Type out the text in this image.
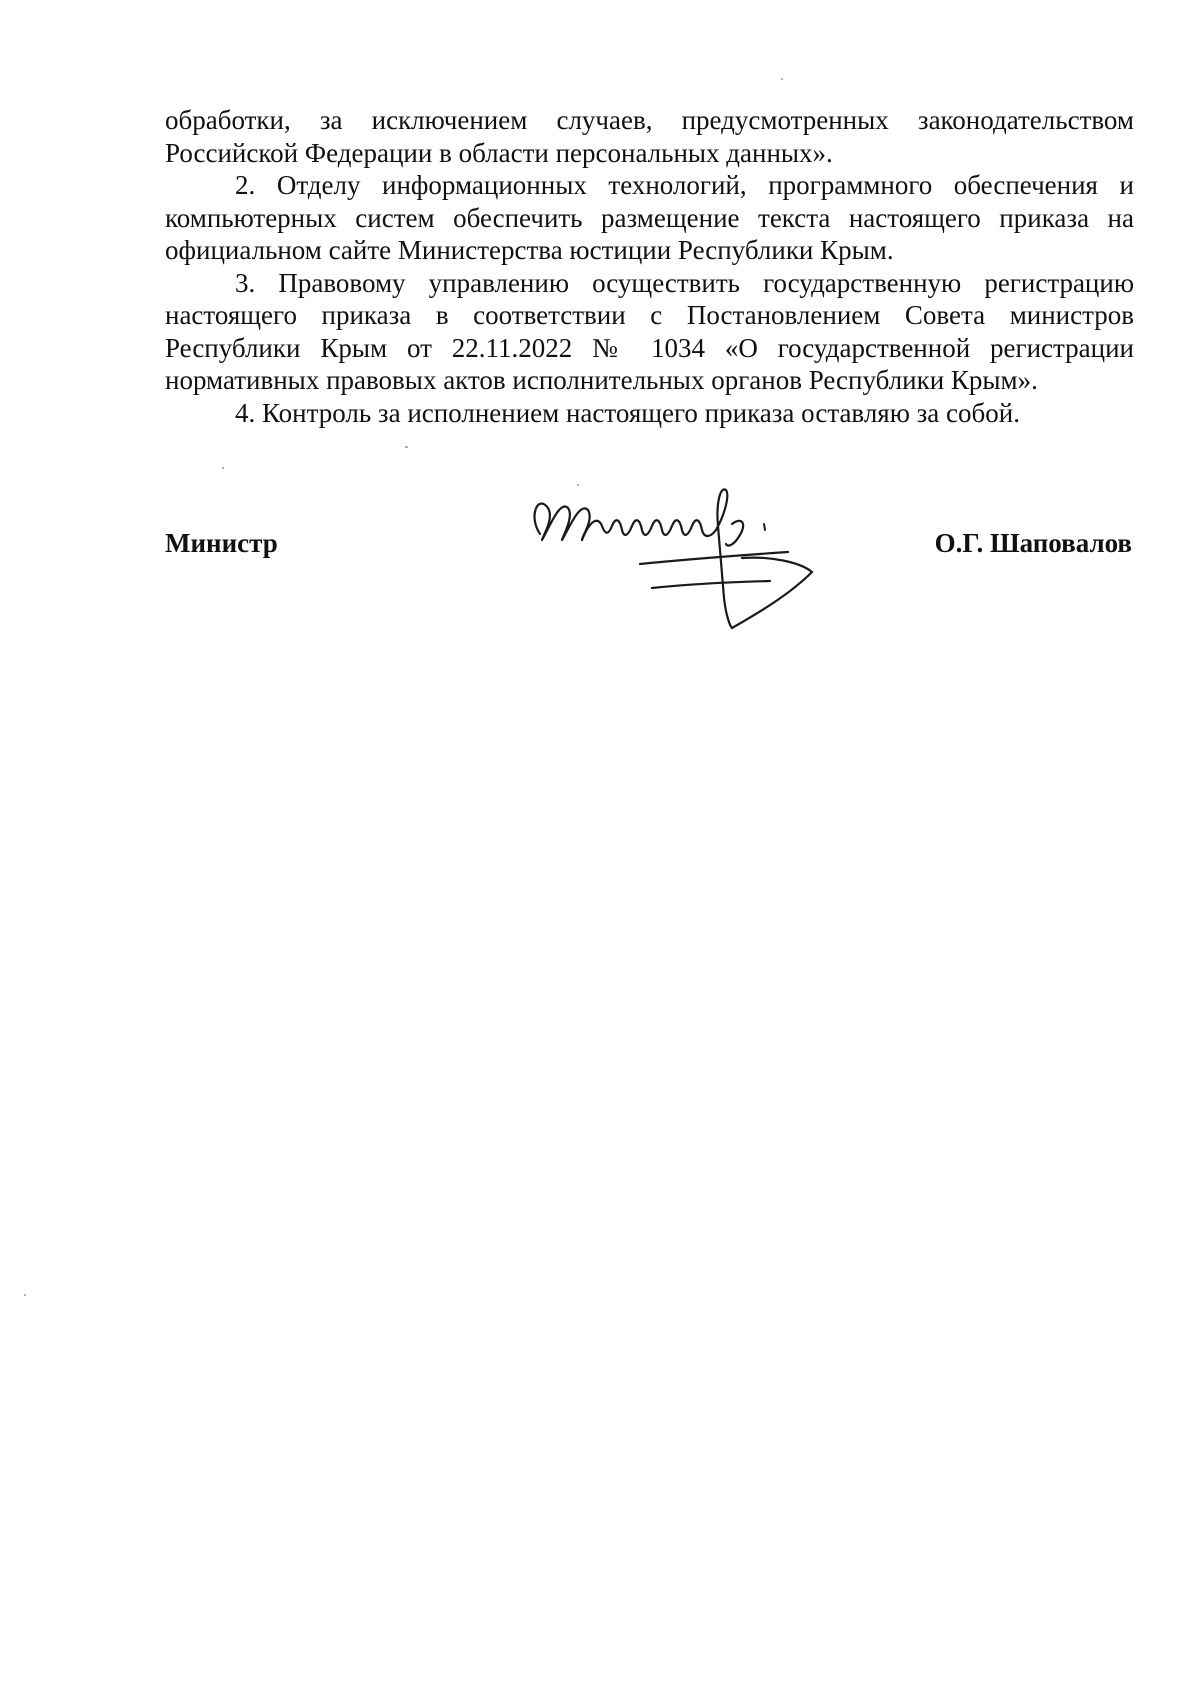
обработки, за исключением случаев, предусмотренных законодательством Российской Федерации в области персональных данных».

2. Отделу информационных технологий, программного обеспечения и компьютерных систем обеспечить размещение текста настоящего приказа на официальном сайте Министерства юстиции Республики Крым.

3. Правовому управлению осуществить государственную регистрацию настоящего приказа в соответствии с Постановлением Совета министров Республики Крым от 22.11.2022 № 1034 «О государственной регистрации нормативных правовых актов исполнительных органов Республики Крым».

4. Контроль за исполнением настоящего приказа оставляю за собой.

Министр	О.Г. Шаповалов
